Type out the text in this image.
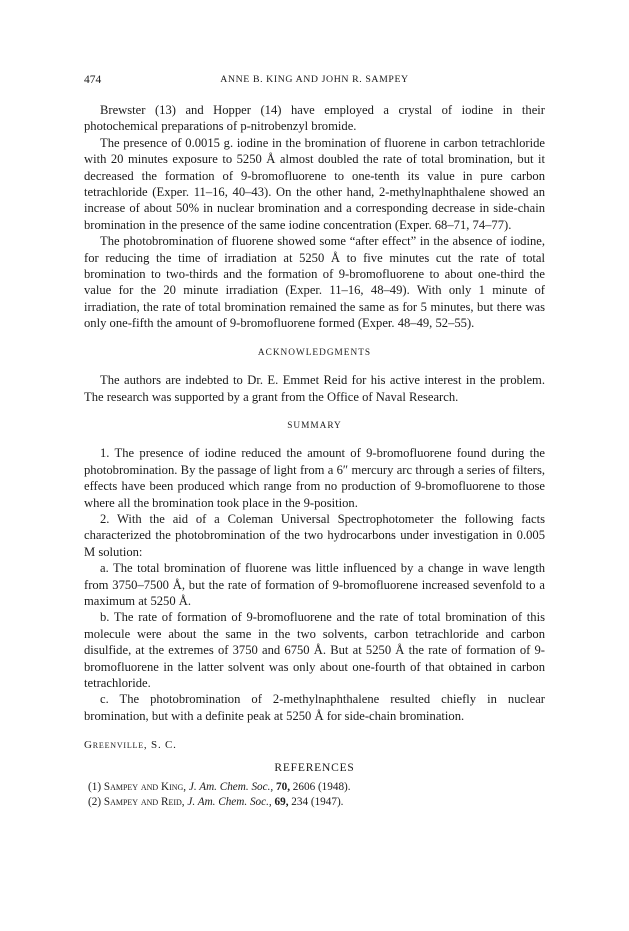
474	ANNE B. KING AND JOHN R. SAMPEY

Brewster (13) and Hopper (14) have employed a crystal of iodine in their photochemical preparations of p-nitrobenzyl bromide.

The presence of 0.0015 g. iodine in the bromination of fluorene in carbon tetrachloride with 20 minutes exposure to 5250 Å almost doubled the rate of total bromination, but it decreased the formation of 9-bromofluorene to one-tenth its value in pure carbon tetrachloride (Exper. 11–16, 40–43). On the other hand, 2-methylnaphthalene showed an increase of about 50% in nuclear bromination and a corresponding decrease in side-chain bromination in the presence of the same iodine concentration (Exper. 68–71, 74–77).

The photobromination of fluorene showed some “after effect” in the absence of iodine, for reducing the time of irradiation at 5250 Å to five minutes cut the rate of total bromination to two-thirds and the formation of 9-bromofluorene to about one-third the value for the 20 minute irradiation (Exper. 11–16, 48–49). With only 1 minute of irradiation, the rate of total bromination remained the same as for 5 minutes, but there was only one-fifth the amount of 9-bromofluorene formed (Exper. 48–49, 52–55).

ACKNOWLEDGMENTS

The authors are indebted to Dr. E. Emmet Reid for his active interest in the problem. The research was supported by a grant from the Office of Naval Research.

SUMMARY

1. The presence of iodine reduced the amount of 9-bromofluorene found during the photobromination. By the passage of light from a 6″ mercury arc through a series of filters, effects have been produced which range from no production of 9-bromofluorene to those where all the bromination took place in the 9-position.

2. With the aid of a Coleman Universal Spectrophotometer the following facts characterized the photobromination of the two hydrocarbons under investigation in 0.005 M solution:

a. The total bromination of fluorene was little influenced by a change in wave length from 3750–7500 Å, but the rate of formation of 9-bromofluorene increased sevenfold to a maximum at 5250 Å.

b. The rate of formation of 9-bromofluorene and the rate of total bromination of this molecule were about the same in the two solvents, carbon tetrachloride and carbon disulfide, at the extremes of 3750 and 6750 Å. But at 5250 Å the rate of formation of 9-bromofluorene in the latter solvent was only about one-fourth of that obtained in carbon tetrachloride.

c. The photobromination of 2-methylnaphthalene resulted chiefly in nuclear bromination, but with a definite peak at 5250 Å for side-chain bromination.

Greenville, S. C.
REFERENCES
(1) Sampey and King, J. Am. Chem. Soc., 70, 2606 (1948).
(2) Sampey and Reid, J. Am. Chem. Soc., 69, 234 (1947).
